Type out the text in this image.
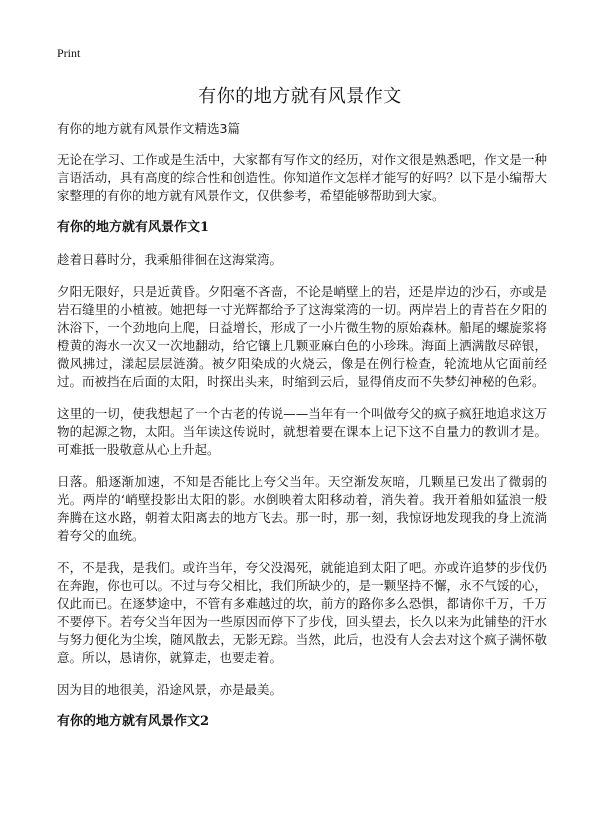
Print
有你的地方就有风景作文
有你的地方就有风景作文精选3篇

无论在学习、工作或是生活中，大家都有写作文的经历，对作文很是熟悉吧，作文是一种言语活动，具有高度的综合性和创造性。你知道作文怎样才能写的好吗？以下是小编帮大家整理的有你的地方就有风景作文，仅供参考，希望能够帮助到大家。

有你的地方就有风景作文1

趁着日暮时分，我乘船徘徊在这海棠湾。

夕阳无限好，只是近黄昏。夕阳毫不吝啬，不论是峭壁上的岩，还是岸边的沙石，亦或是岩石缝里的小植被。她把每一寸光辉都给予了这海棠湾的一切。两岸岩上的青苔在夕阳的沐浴下，一个劲地向上爬，日益增长，形成了一小片微生物的原始森林。船尾的螺旋浆将橙黄的海水一次又一次地翻动，给它镶上几颗亚麻白色的小珍珠。海面上洒满散尽碎银，微风拂过，漾起层层涟漪。被夕阳染成的火烧云，像是在例行检查，轮流地从它面前经过。而被挡在后面的太阳，时探出头来，时缩到云后，显得俏皮而不失梦幻神秘的色彩。

这里的一切，使我想起了一个古老的传说——当年有一个叫做夸父的疯子疯狂地追求这万物的起源之物，太阳。当年读这传说时，就想着要在课本上记下这不自量力的教训才是。可难抵一股敬意从心上升起。

日落。船逐渐加速，不知是否能比上夸父当年。天空渐发灰暗，几颗星已发出了微弱的光。两岸的‘峭壁投影出太阳的影。水倒映着太阳移动着，消失着。我开着船如猛浪一般奔腾在这水路，朝着太阳离去的地方飞去。那一时，那一刻，我惊讶地发现我的身上流淌着夸父的血统。

不，不是我，是我们。或许当年，夸父没渴死，就能追到太阳了吧。亦或许追梦的步伐仍在奔跑，你也可以。不过与夸父相比，我们所缺少的，是一颗坚持不懈，永不气馁的心，仅此而已。在逐梦途中，不管有多难越过的坎，前方的路你多么恐惧，都请你千万，千万不要停下。若夸父当年因为一些原因而停下了步伐，回头望去，长久以来为此铺垫的汗水与努力便化为尘埃，随风散去，无影无踪。当然，此后，也没有人会去对这个疯子满怀敬意。所以，恳请你，就算走，也要走着。

因为目的地很美，沿途风景，亦是最美。

有你的地方就有风景作文2
